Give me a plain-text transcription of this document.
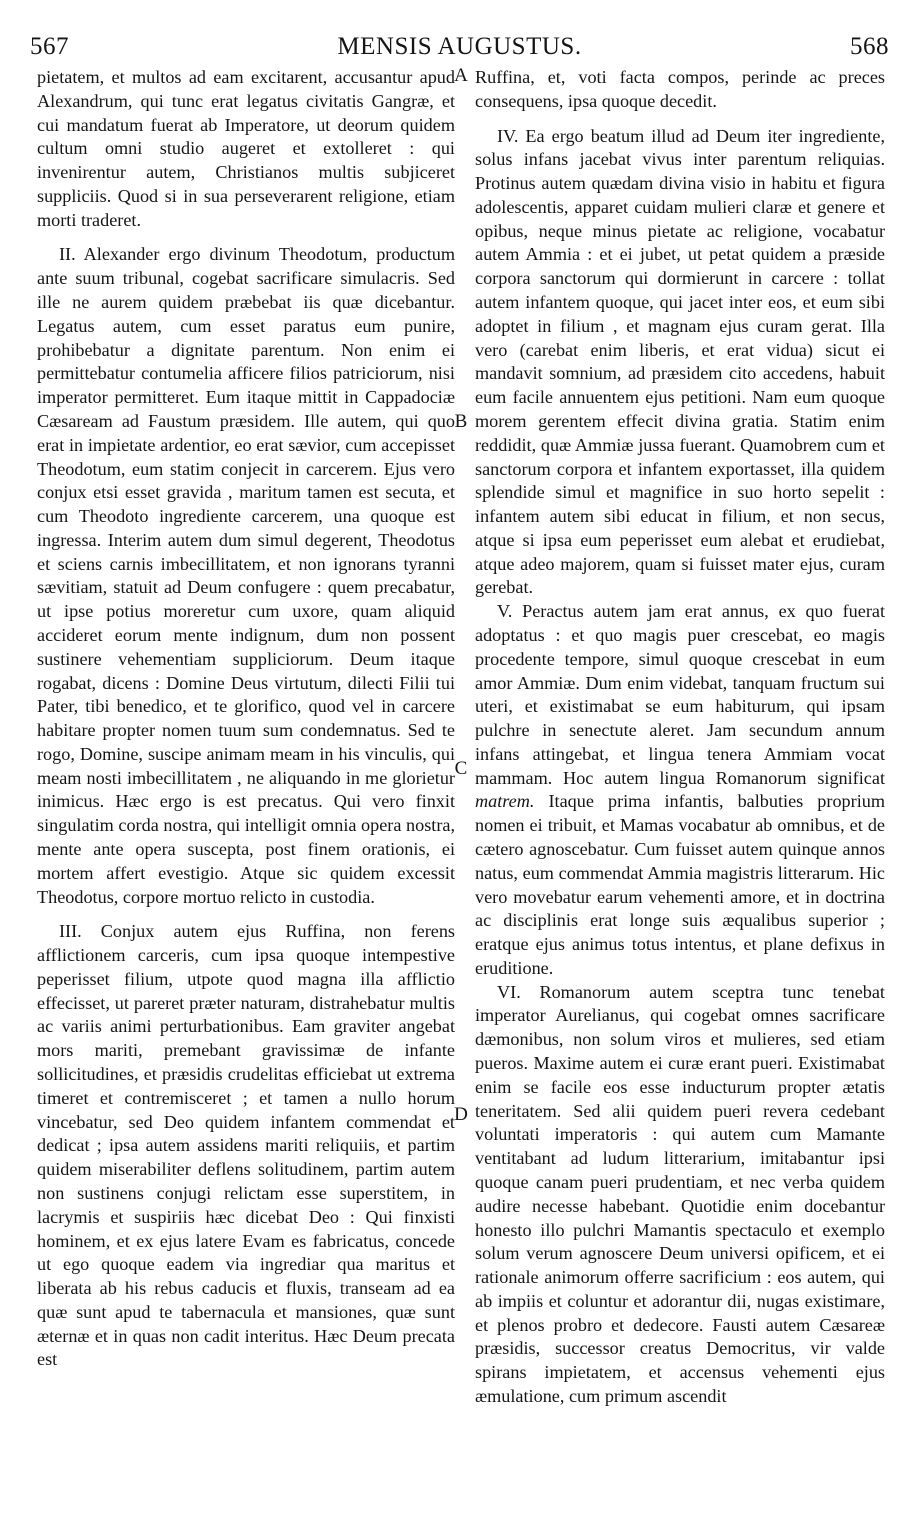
567	MENSIS AUGUSTUS.	568

pietatem, et multos ad eam excitarent, accusantur apud Alexandrum, qui tunc erat legatus civitatis Gangræ, et cui mandatum fuerat ab Imperatore, ut deorum quidem cultum omni studio augeret et extolleret : qui invenirentur autem, Christianos multis subjiceret suppliciis. Quod si in sua perseverarent religione, etiam morti traderet.

II. Alexander ergo divinum Theodotum, productum ante suum tribunal, cogebat sacrificare simulacris. Sed ille ne aurem quidem præbebat iis quæ dicebantur. Legatus autem, cum esset paratus eum punire, prohibebatur a dignitate parentum. Non enim ei permittebatur contumelia afficere filios patriciorum, nisi imperator permitteret. Eum itaque mittit in Cappadociæ Cæsaream ad Faustum præsidem. Ille autem, qui quo erat in impietate ardentior, eo erat sævior, cum accepisset Theodotum, eum statim conjecit in carcerem. Ejus vero conjux etsi esset gravida , maritum tamen est secuta, et cum Theodoto ingrediente carcerem, una quoque est ingressa. Interim autem dum simul degerent, Theodotus et sciens carnis imbecillitatem, et non ignorans tyranni sævitiam, statuit ad Deum confugere : quem precabatur, ut ipse potius moreretur cum uxore, quam aliquid accideret eorum mente indignum, dum non possent sustinere vehementiam suppliciorum. Deum itaque rogabat, dicens : Domine Deus virtutum, dilecti Filii tui Pater, tibi benedico, et te glorifico, quod vel in carcere habitare propter nomen tuum sum condemnatus. Sed te rogo, Domine, suscipe animam meam in his vinculis, qui meam nosti imbecillitatem , ne aliquando in me glorietur inimicus. Hæc ergo is est precatus. Qui vero finxit singulatim corda nostra, qui intelligit omnia opera nostra, mente ante opera suscepta, post finem orationis, ei mortem affert evestigio. Atque sic quidem excessit Theodotus, corpore mortuo relicto in custodia.

III. Conjux autem ejus Ruffina, non ferens afflictionem carceris, cum ipsa quoque intempestive peperisset filium, utpote quod magna illa afflictio effecisset, ut pareret præter naturam, distrahebatur multis ac variis animi perturbationibus. Eam graviter angebat mors mariti, premebant gravissimæ de infante sollicitudines, et præsidis crudelitas efficiebat ut extrema timeret et contremisceret ; et tamen a nullo horum vincebatur, sed Deo quidem infantem commendat et dedicat ; ipsa autem assidens mariti reliquiis, et partim quidem miserabiliter deflens solitudinem, partim autem non sustinens conjugi relictam esse superstitem, in lacrymis et suspiriis hæc dicebat Deo : Qui finxisti hominem, et ex ejus latere Evam es fabricatus, concede ut ego quoque eadem via ingrediar qua maritus et liberata ab his rebus caducis et fluxis, transeam ad ea quæ sunt apud te tabernacula et mansiones, quæ sunt æternæ et in quas non cadit interitus. Hæc Deum precata est

A
B
C
D

Ruffina, et, voti facta compos, perinde ac preces consequens, ipsa quoque decedit.

IV. Ea ergo beatum illud ad Deum iter ingrediente, solus infans jacebat vivus inter parentum reliquias. Protinus autem quædam divina visio in habitu et figura adolescentis, apparet cuidam mulieri claræ et genere et opibus, neque minus pietate ac religione, vocabatur autem Ammia : et ei jubet, ut petat quidem a præside corpora sanctorum qui dormierunt in carcere : tollat autem infantem quoque, qui jacet inter eos, et eum sibi adoptet in filium , et magnam ejus curam gerat. Illa vero (carebat enim liberis, et erat vidua) sicut ei mandavit somnium, ad præsidem cito accedens, habuit eum facile annuentem ejus petitioni. Nam eum quoque morem gerentem effecit divina gratia. Statim enim reddidit, quæ Ammiæ jussa fuerant. Quamobrem cum et sanctorum corpora et infantem exportasset, illa quidem splendide simul et magnifice in suo horto sepelit : infantem autem sibi educat in filium, et non secus, atque si ipsa eum peperisset eum alebat et erudiebat, atque adeo majorem, quam si fuisset mater ejus, curam gerebat.

V. Peractus autem jam erat annus, ex quo fuerat adoptatus : et quo magis puer crescebat, eo magis procedente tempore, simul quoque crescebat in eum amor Ammiæ. Dum enim videbat, tanquam fructum sui uteri, et existimabat se eum habiturum, qui ipsam pulchre in senectute aleret. Jam secundum annum infans attingebat, et lingua tenera Ammiam vocat mammam. Hoc autem lingua Romanorum significat matrem. Itaque prima infantis, balbuties proprium nomen ei tribuit, et Mamas vocabatur ab omnibus, et de cætero agnoscebatur. Cum fuisset autem quinque annos natus, eum commendat Ammia magistris litterarum. Hic vero movebatur earum vehementi amore, et in doctrina ac disciplinis erat longe suis æqualibus superior ; eratque ejus animus totus intentus, et plane defixus in eruditione.

VI. Romanorum autem sceptra tunc tenebat imperator Aurelianus, qui cogebat omnes sacrificare dæmonibus, non solum viros et mulieres, sed etiam pueros. Maxime autem ei curæ erant pueri. Existimabat enim se facile eos esse inducturum propter ætatis teneritatem. Sed alii quidem pueri revera cedebant voluntati imperatoris : qui autem cum Mamante ventitabant ad ludum litterarium, imitabantur ipsi quoque canam pueri prudentiam, et nec verba quidem audire necesse habebant. Quotidie enim docebantur honesto illo pulchri Mamantis spectaculo et exemplo solum verum agnoscere Deum universi opificem, et ei rationale animorum offerre sacrificium : eos autem, qui ab impiis et coluntur et adorantur dii, nugas existimare, et plenos probro et dedecore. Fausti autem Cæsareæ præsidis, successor creatus Democritus, vir valde spirans impietatem, et accensus vehementi ejus æmulatione, cum primum ascendit
